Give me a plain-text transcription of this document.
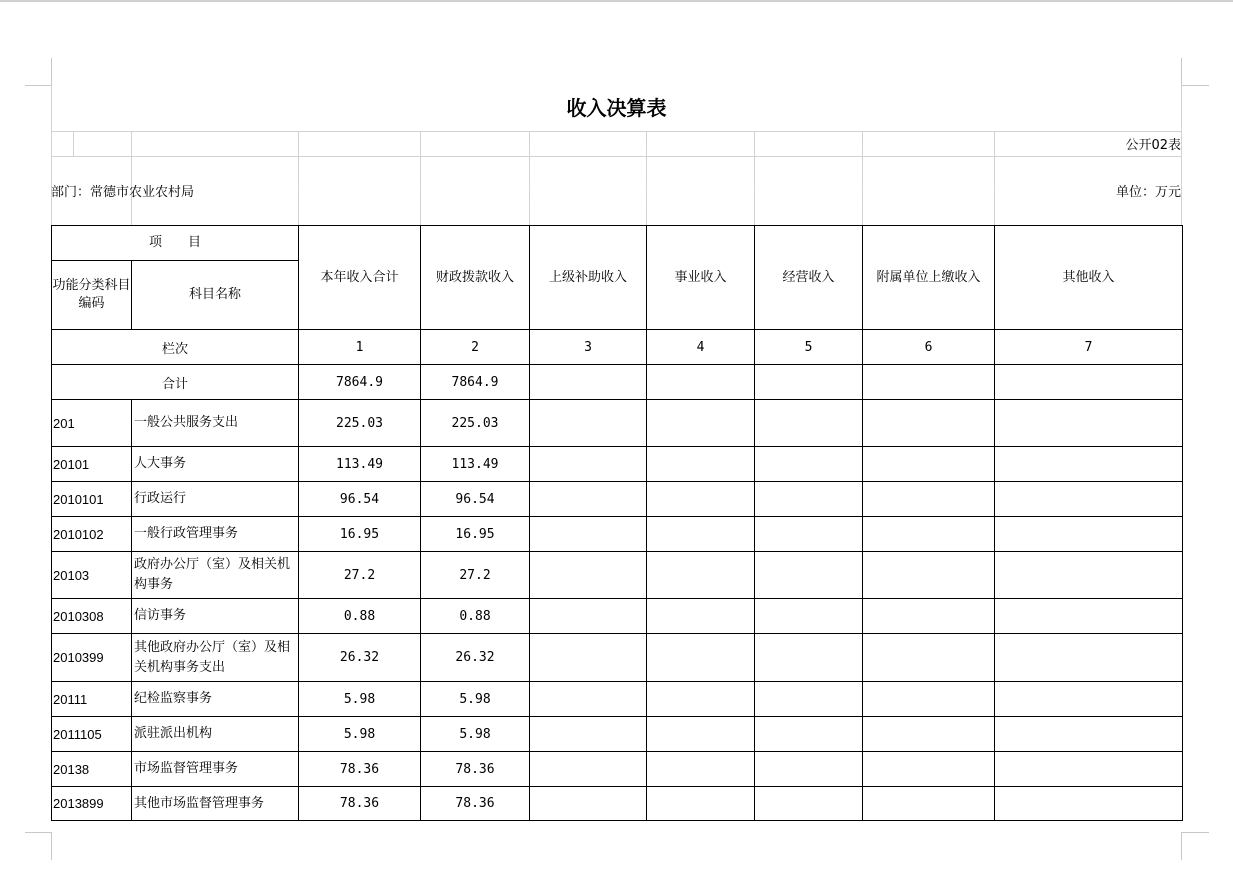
收入决算表
公开02表
部门：常德市农业农村局	单位：万元
项　　目		本年收入合计	财政拨款收入	上级补助收入	事业收入	经营收入	附属单位上缴收入	其他收入
功能分类科目编码	科目名称							
栏次		1	2	3	4	5	6	7
合计		7864.9	7864.9					
201	一般公共服务支出	225.03	225.03					
20101	人大事务	113.49	113.49					
2010101	行政运行	96.54	96.54					
2010102	一般行政管理事务	16.95	16.95					
20103	政府办公厅（室）及相关机构事务	27.2	27.2					
2010308	信访事务	0.88	0.88					
2010399	其他政府办公厅（室）及相关机构事务支出	26.32	26.32					
20111	纪检监察事务	5.98	5.98					
2011105	派驻派出机构	5.98	5.98					
20138	市场监督管理事务	78.36	78.36					
2013899	其他市场监督管理事务	78.36	78.36					
